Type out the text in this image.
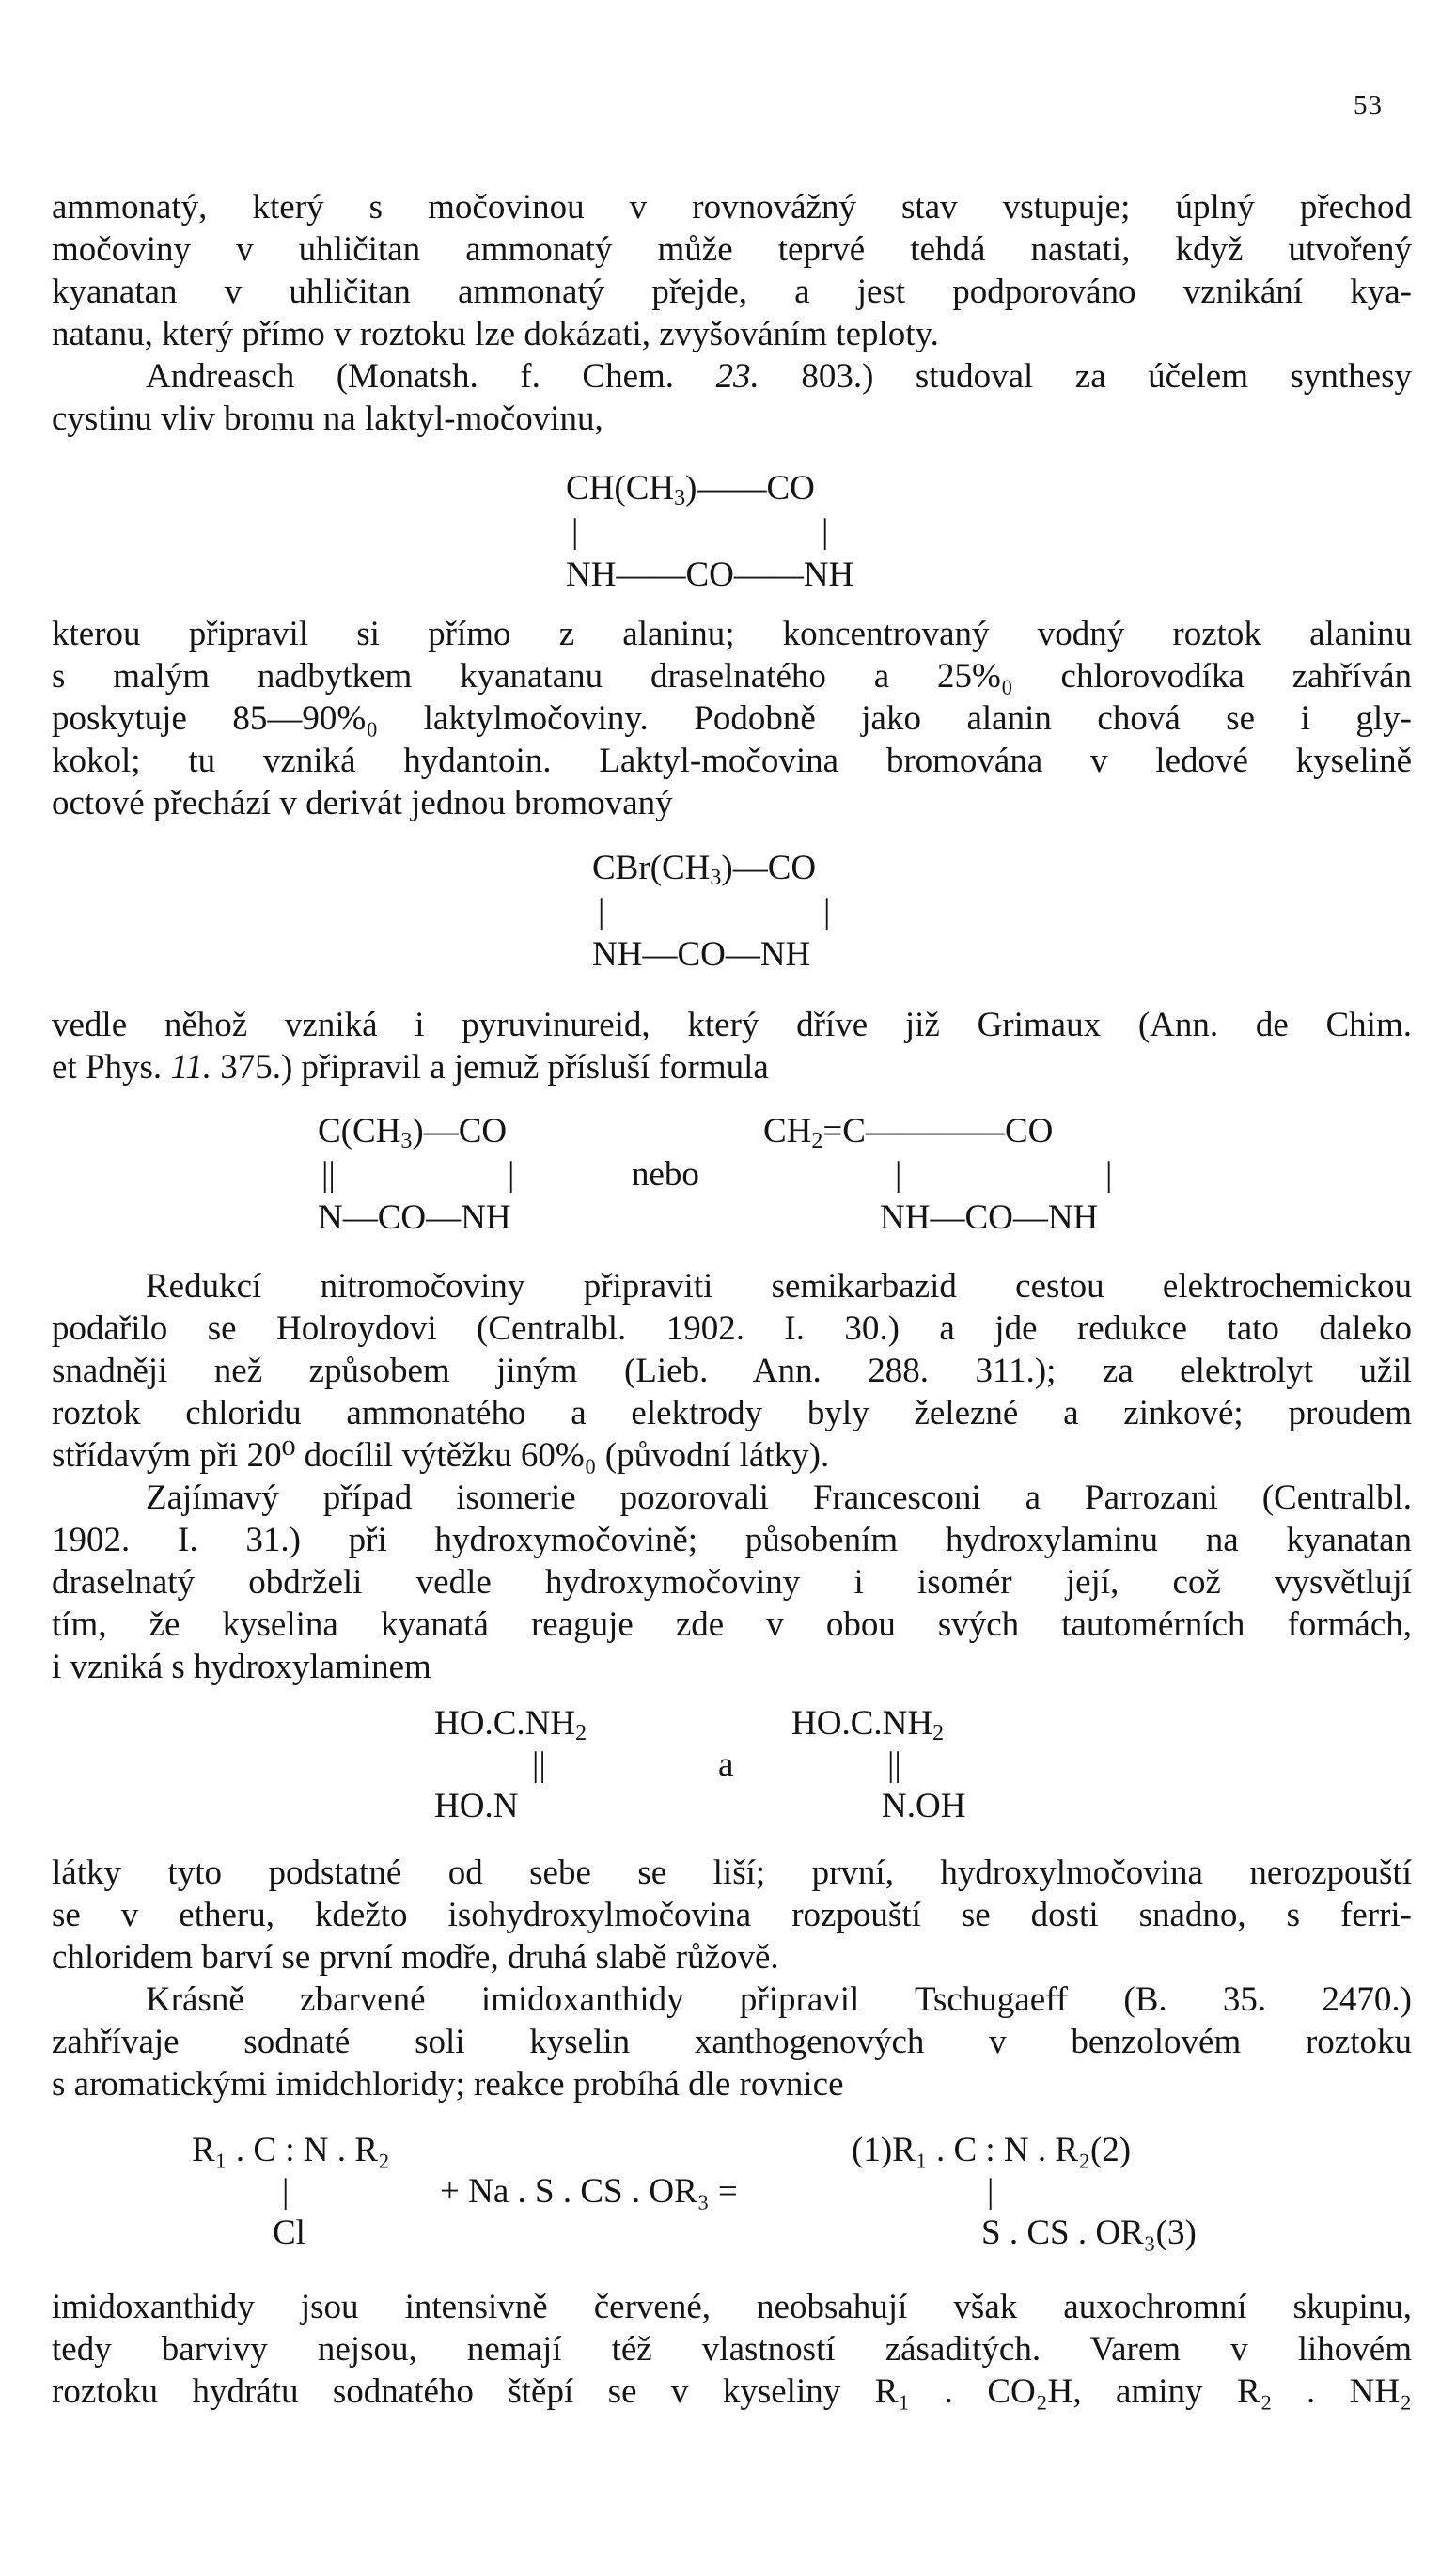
53
ammonatý, který s močovinou v rovnovážný stav vstupuje; úplný přechod
močoviny v uhličitan ammonatý může teprvé tehdá nastati, když utvořený
kyanatan v uhličitan ammonatý přejde, a jest podporováno vznikání kya-
natanu, který přímo v roztoku lze dokázati, zvyšováním teploty.
Andreasch (Monatsh. f. Chem. 23. 803.) studoval za účelem synthesy
cystinu vliv bromu na laktyl-močovinu,
$CH(CH_3)——CO$
|	|
NH——CO——NH
kterou připravil si přímo z alaninu; koncentrovaný vodný roztok alaninu
s malým nadbytkem kyanatanu draselnatého a 25%₀ chlorovodíka zahříván
poskytuje 85—90%₀ laktylmočoviny. Podobně jako alanin chová se i gly-
kokol; tu vzniká hydantoin. Laktyl-močovina bromována v ledové kyselině
octové přechází v derivát jednou bromovaný
$CBr(CH_3)—CO$
|	|
NH—CO—NH
vedle něhož vzniká i pyruvinureid, který dříve již Grimaux (Ann. de Chim.
et Phys. 11. 375.) připravil a jemuž přísluší formula
$C(CH_3)—CO$
||	|
N—CO—NH
nebo
$CH_2=C————CO$
|	|
NH—CO—NH
Redukcí nitromočoviny připraviti semikarbazid cestou elektrochemickou
podařilo se Holroydovi (Centralbl. 1902. I. 30.) a jde redukce tato daleko
snadněji než způsobem jiným (Lieb. Ann. 288. 311.); za elektrolyt užil
roztok chloridu ammonatého a elektrody byly železné a zinkové; proudem
střídavým při 20⁰ docílil výtěžku 60%₀ (původní látky).
Zajímavý případ isomerie pozorovali Francesconi a Parrozani (Centralbl.
1902. I. 31.) při hydroxymočovině; působením hydroxylaminu na kyanatan
draselnatý obdrželi vedle hydroxymočoviny i isomér její, což vysvětlují
tím, že kyselina kyanatá reaguje zde v obou svých tautomérních formách,
i vzniká s hydroxylaminem
$HO.C.NH_2$
||
HO.N
a
$HO.C.NH_2$
||
N.OH
látky tyto podstatné od sebe se liší; první, hydroxylmočovina nerozpouští
se v etheru, kdežto isohydroxylmočovina rozpouští se dosti snadno, s ferri-
chloridem barví se první modře, druhá slabě růžově.
Krásně zbarvené imidoxanthidy připravil Tschugaeff (B. 35. 2470.)
zahřívaje sodnaté soli kyselin xanthogenových v benzolovém roztoku
s aromatickými imidchloridy; reakce probíhá dle rovnice
R₁ . C : N . R₂
|
Cl
+ Na . S . CS . OR₃ =
(1)R₁ . C : N . R₂(2)
|
S . CS . OR₃(3)
imidoxanthidy jsou intensivně červené, neobsahují však auxochromní skupinu,
tedy barvivy nejsou, nemají též vlastností zásaditých. Varem v lihovém
roztoku hydrátu sodnatého štěpí se v kyseliny R₁ . CO₂H, aminy R₂ . NH₂
